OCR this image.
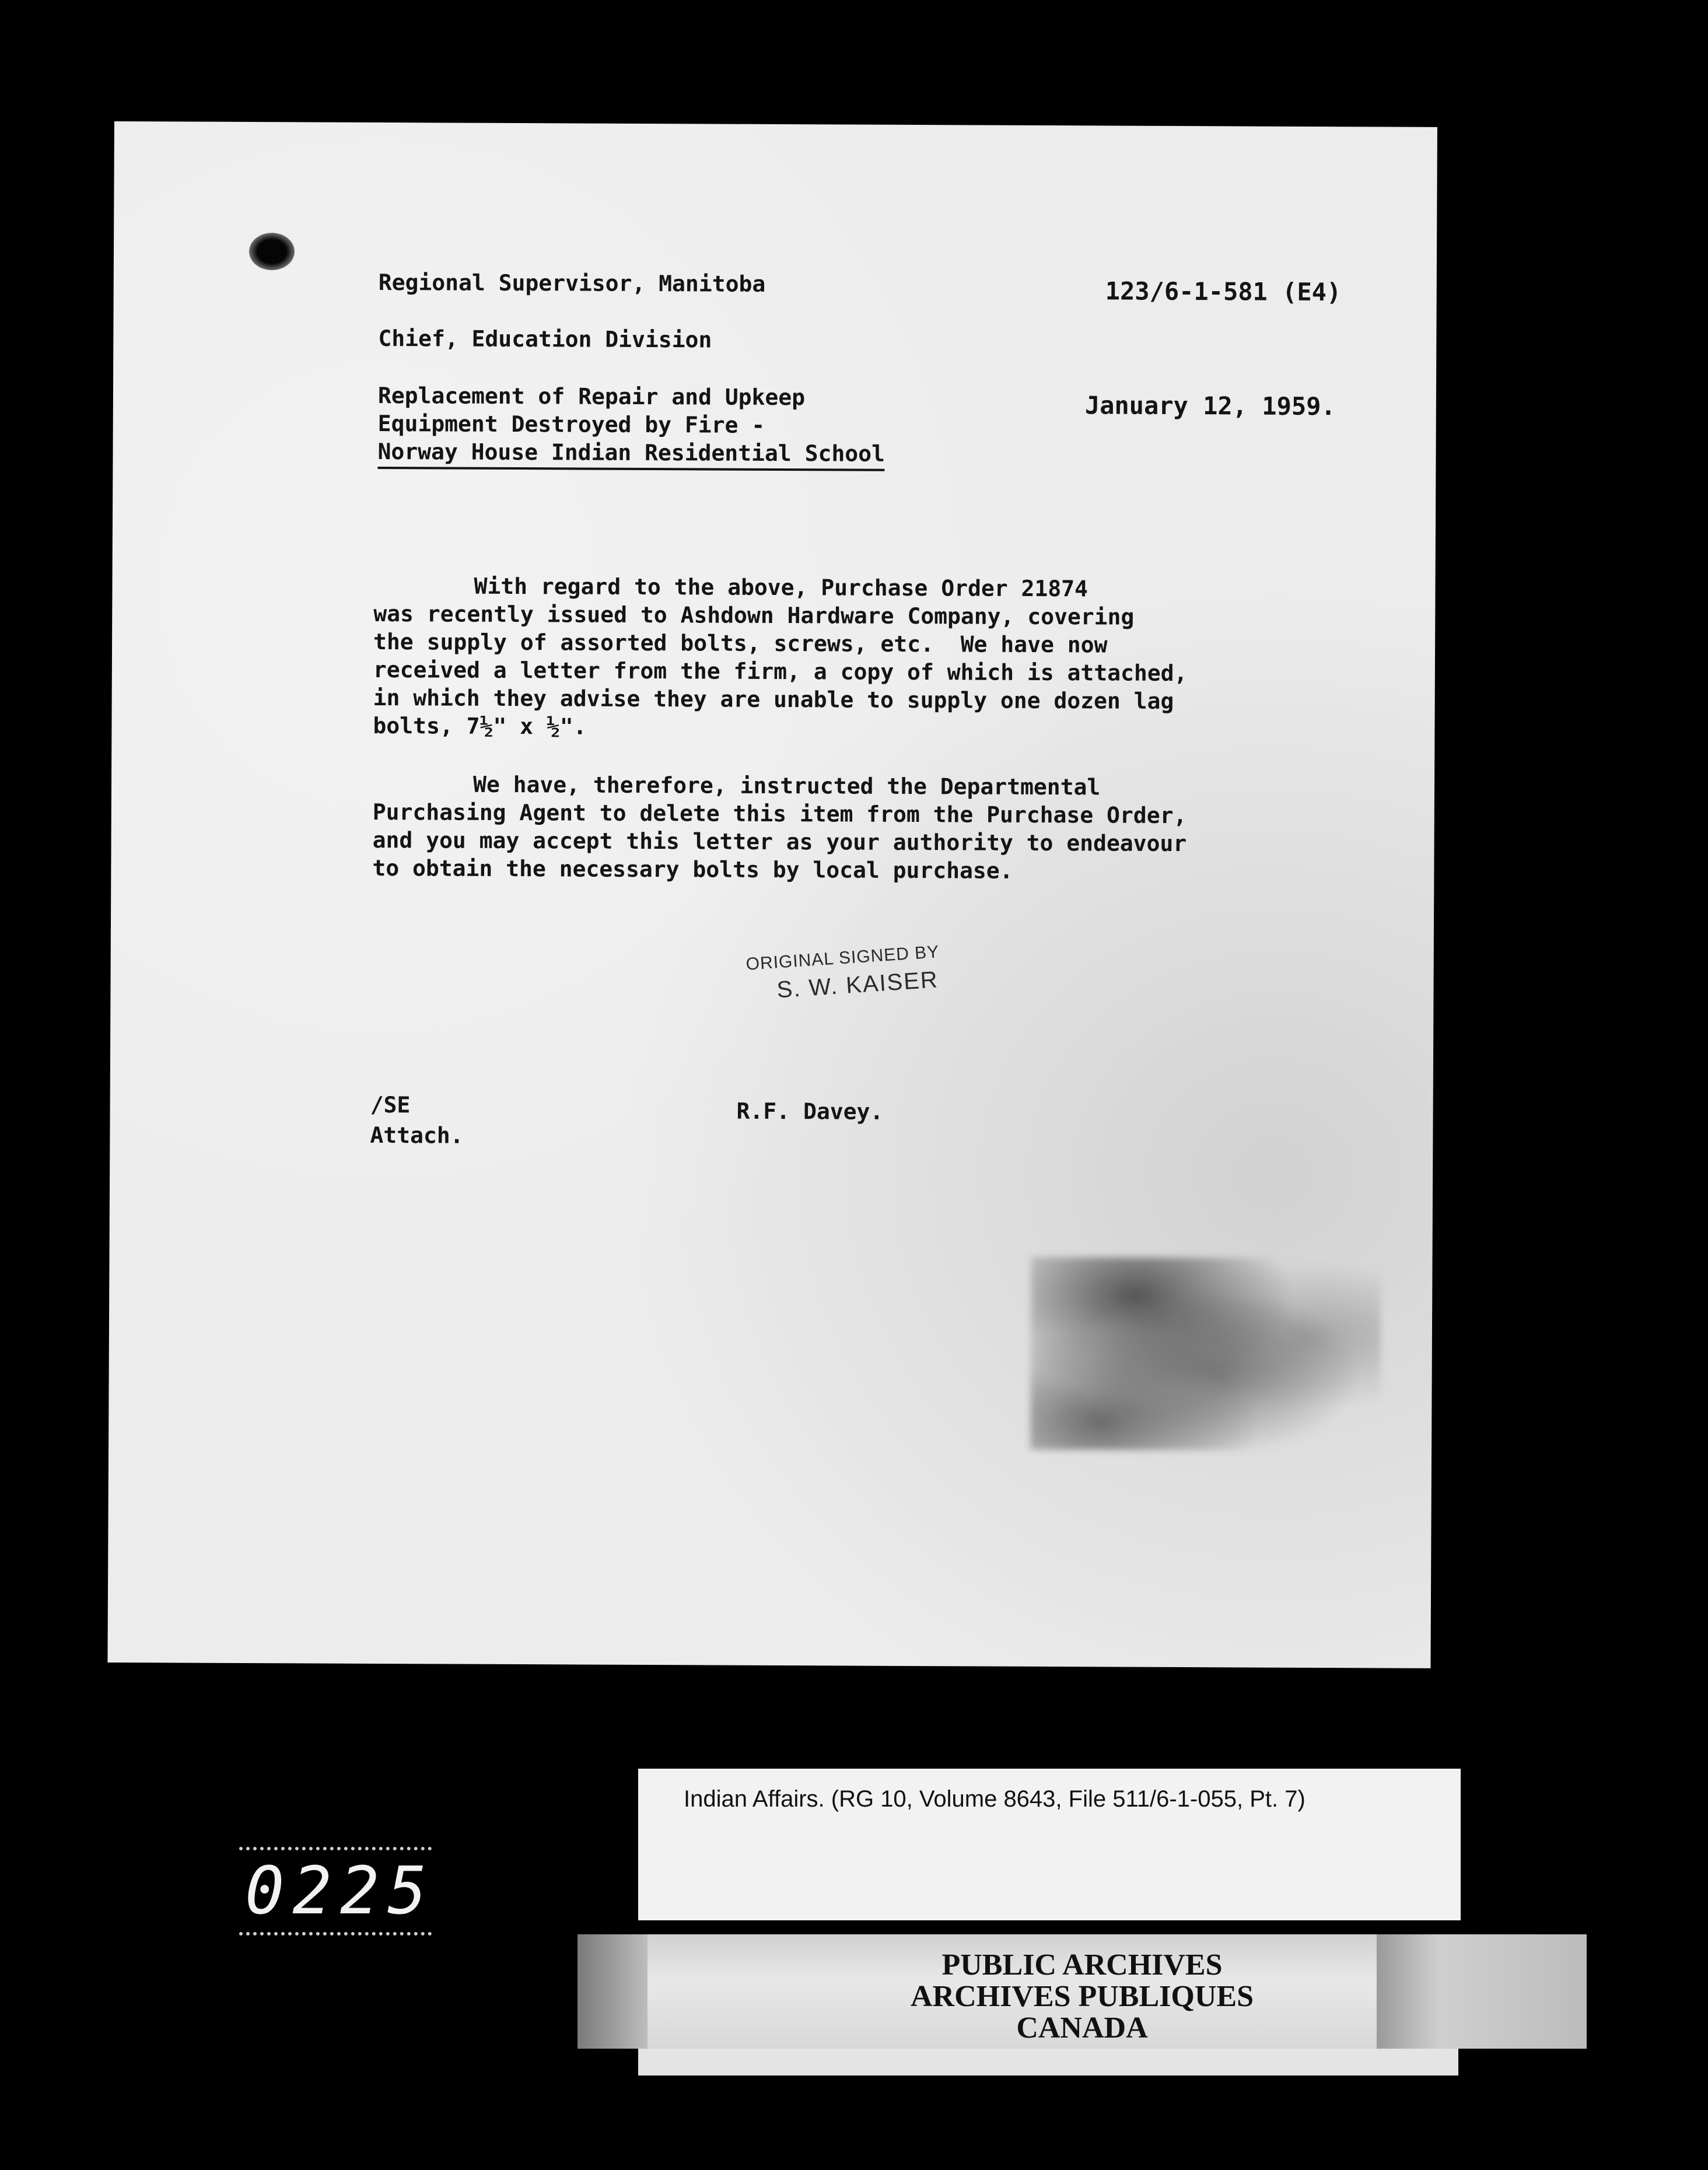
Regional Supervisor, Manitoba	123/6-1-581 (E4)
Chief, Education Division
Replacement of Repair and Upkeep
Equipment Destroyed by Fire -
Norway House Indian Residential School
January 12, 1959.
With regard to the above, Purchase Order 21874
was recently issued to Ashdown Hardware Company, covering
the supply of assorted bolts, screws, etc.  We have now
received a letter from the firm, a copy of which is attached,
in which they advise they are unable to supply one dozen lag
bolts, 7½" x ½".
We have, therefore, instructed the Departmental
Purchasing Agent to delete this item from the Purchase Order,
and you may accept this letter as your authority to endeavour
to obtain the necessary bolts by local purchase.
ORIGINAL SIGNED BY
S. W. KAISER
/SE
Attach.
R.F. Davey.
Indian Affairs. (RG 10, Volume 8643, File 511/6-1-055, Pt. 7)
0225
PUBLIC ARCHIVES
ARCHIVES PUBLIQUES
CANADA
